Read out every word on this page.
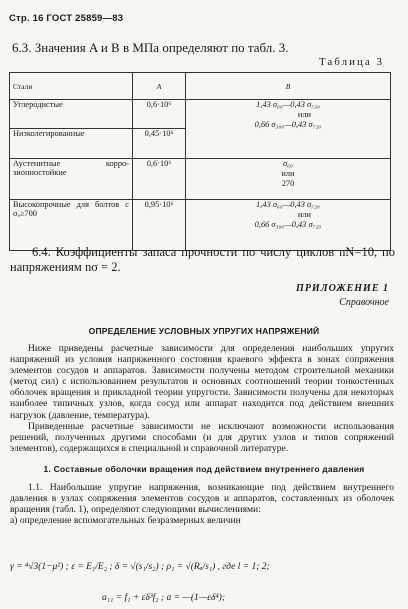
Стр. 16 ГОСТ 25859—83
6.3. Значения A и B в МПа определяют по табл. 3.
Таблица 3
Стали	A	B
Углеродистые	0,6·10⁶	1,43 σ₆₀—0,43 σ₇₂₀
или
0,66 σ₃₀₀—0,43 σ₇₂₀

Низколегированные	0,45·10⁶	
Аустенитные корро-зионностойкие	0,6·10⁶	σ₆₀
или
270

Высокопрочные для болтов с σₐ≥700	0,95·10⁶	1,43 σ₆₀—0,43 σ₇₂₀
или
0,66 σ₃₀₀—0,43 σ₇₂₀
6.4. Коэффициенты запаса прочности по числу циклов nN=10, по напряжениям nσ = 2.
ПРИЛОЖЕНИЕ 1
Справочное
ОПРЕДЕЛЕНИЕ УСЛОВНЫХ УПРУГИХ НАПРЯЖЕНИЙ

Ниже приведены расчетные зависимости для определения наибольших упругих напряжений из условия напряженного состояния краевого эффекта в зонах сопряжения элементов сосудов и аппаратов. Зависимости получены методом строительной механики (метод сил) с использованием результатов и основных соотношений теории тонкостенных оболочек вращения и прикладной теории упругости. Зависимости получены для некоторых наиболее типичных узлов, когда сосуд или аппарат находится под действием внешних нагрузок (давление, температура).

Приведенные расчетные зависимости не исключают возможности использования решений, полученных другими способами (и для других узлов и типов сопряжений элементов), содержащихся в специальной и справочной литературе.

1. Составные оболочки вращения под действием внутреннего давления

1.1. Наибольшие упругие напряжения, возникающие под действием внутреннего давления в узлах сопряжения элементов сосудов и аппаратов, составленных из оболочек вращения (табл. 1), определяют следующими вычислениями:

а) определение вспомогательных безразмерных величин

γ = ⁴√3(1−μ²) ; ε = E₁/E₂ ; δ = √(s₁/s₂) ; ρ₁ = √(Rₐ/s₁) , где l = 1; 2;
a₁₁ = f₁ + εδ³f₂ ; a = —(1—εδ⁴);
